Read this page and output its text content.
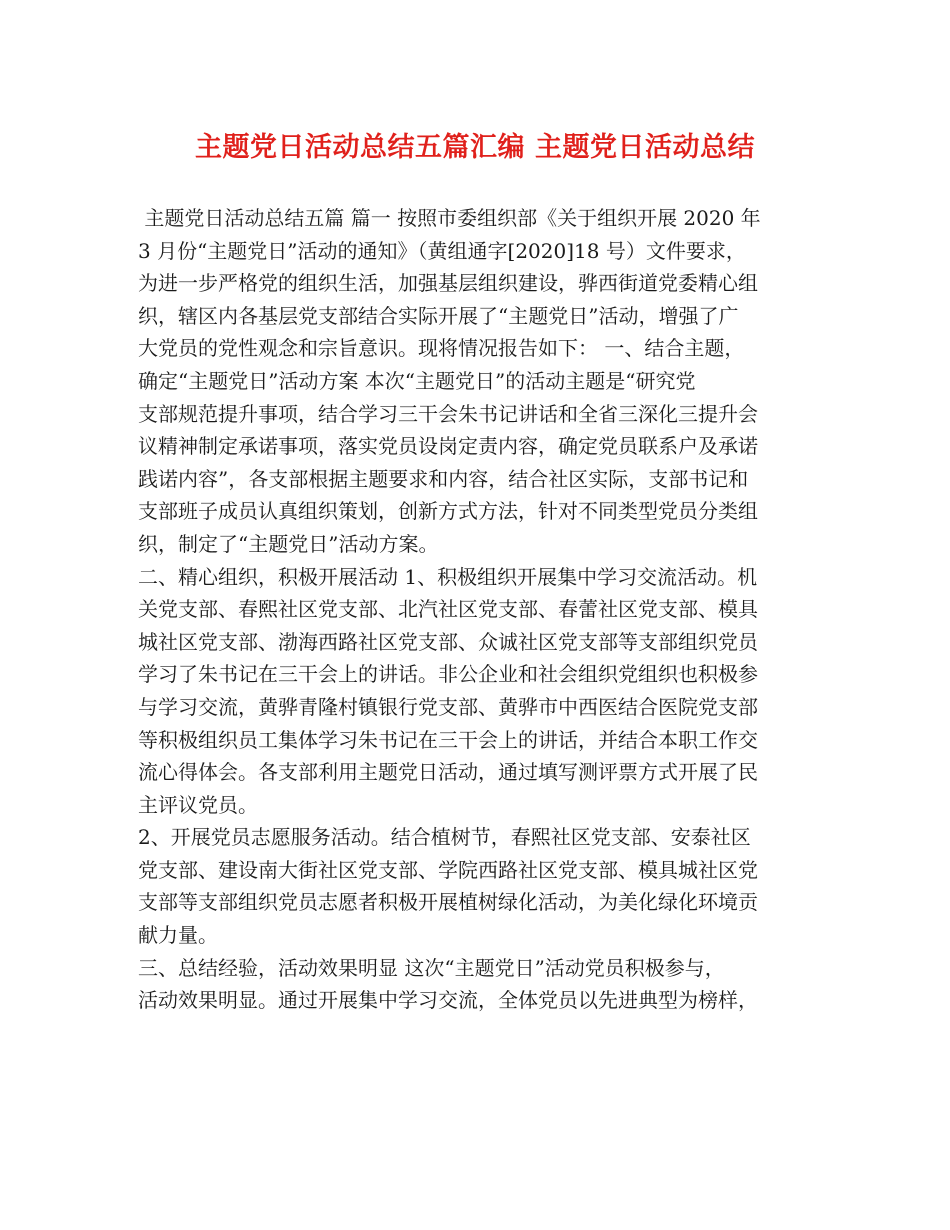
主题党日活动总结五篇汇编 主题党日活动总结
主题党日活动总结五篇 篇一 按照市委组织部《关于组织开展 2020 年
3 月份“主题党日”活动的通知》（黄组通字[2020]18 号）文件要求，
为进一步严格党的组织生活，加强基层组织建设，骅西街道党委精心组
织，辖区内各基层党支部结合实际开展了“主题党日”活动，增强了广
大党员的党性观念和宗旨意识。现将情况报告如下： 一、结合主题，
确定“主题党日”活动方案 本次“主题党日”的活动主题是“研究党
支部规范提升事项，结合学习三干会朱书记讲话和全省三深化三提升会
议精神制定承诺事项，落实党员设岗定责内容，确定党员联系户及承诺
践诺内容”，各支部根据主题要求和内容，结合社区实际，支部书记和
支部班子成员认真组织策划，创新方式方法，针对不同类型党员分类组
织，制定了“主题党日”活动方案。
二、精心组织，积极开展活动 1、积极组织开展集中学习交流活动。机
关党支部、春熙社区党支部、北汽社区党支部、春蕾社区党支部、模具
城社区党支部、渤海西路社区党支部、众诚社区党支部等支部组织党员
学习了朱书记在三干会上的讲话。非公企业和社会组织党组织也积极参
与学习交流，黄骅青隆村镇银行党支部、黄骅市中西医结合医院党支部
等积极组织员工集体学习朱书记在三干会上的讲话，并结合本职工作交
流心得体会。各支部利用主题党日活动，通过填写测评票方式开展了民
主评议党员。
2、开展党员志愿服务活动。结合植树节，春熙社区党支部、安泰社区
党支部、建设南大街社区党支部、学院西路社区党支部、模具城社区党
支部等支部组织党员志愿者积极开展植树绿化活动，为美化绿化环境贡
献力量。
三、总结经验，活动效果明显 这次“主题党日”活动党员积极参与，
活动效果明显。通过开展集中学习交流，全体党员以先进典型为榜样，
